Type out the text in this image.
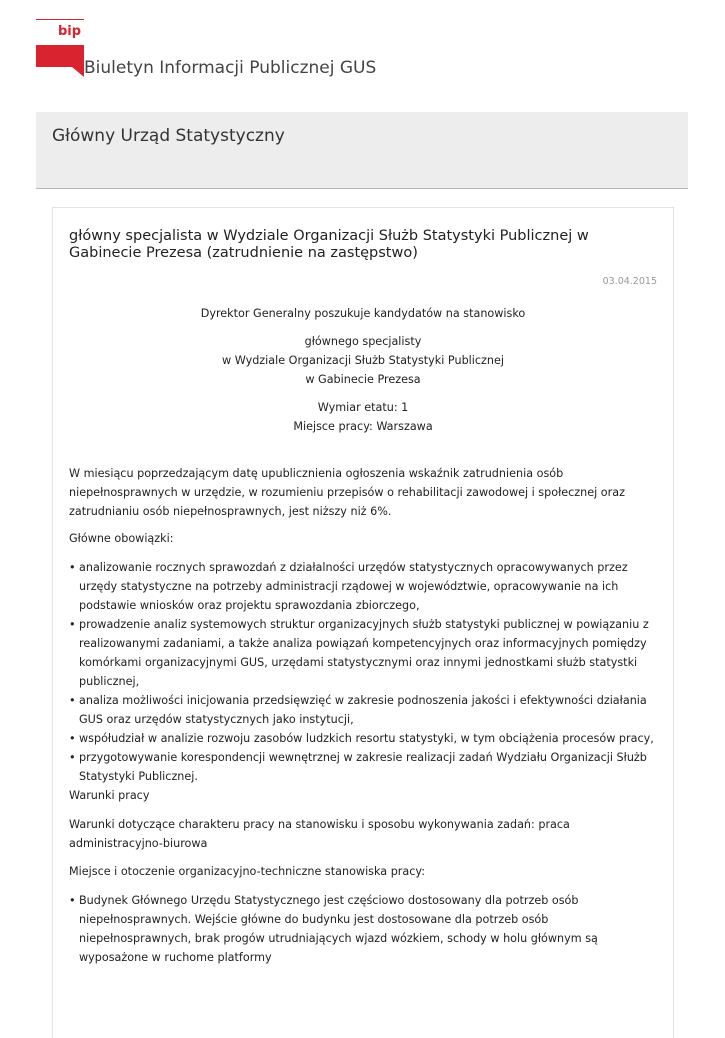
bip
Biuletyn Informacji Publicznej GUS
Główny Urząd Statystyczny
główny specjalista w Wydziale Organizacji Służb Statystyki Publicznej w Gabinecie Prezesa (zatrudnienie na zastępstwo)
03.04.2015
Dyrektor Generalny poszukuje kandydatów na stanowisko
głównego specjalisty
w Wydziale Organizacji Służb Statystyki Publicznej
w Gabinecie Prezesa
Wymiar etatu: 1
Miejsce pracy: Warszawa

W miesiącu poprzedzającym datę upublicznienia ogłoszenia wskaźnik zatrudnienia osób niepełnosprawnych w urzędzie, w rozumieniu przepisów o rehabilitacji zawodowej i społecznej oraz zatrudnianiu osób niepełnosprawnych, jest niższy niż 6%.

Główne obowiązki:

• analizowanie rocznych sprawozdań z działalności urzędów statystycznych opracowywanych przez urzędy statystyczne na potrzeby administracji rządowej w województwie, opracowywanie na ich podstawie wniosków oraz projektu sprawozdania zbiorczego,
• prowadzenie analiz systemowych struktur organizacyjnych służb statystyki publicznej w powiązaniu z realizowanymi zadaniami, a także analiza powiązań kompetencyjnych oraz informacyjnych pomiędzy komórkami organizacyjnymi GUS, urzędami statystycznymi oraz innymi jednostkami służb statystki publicznej,
• analiza możliwości inicjowania przedsięwzięć w zakresie podnoszenia jakości i efektywności działania GUS oraz urzędów statystycznych jako instytucji,
• współudział w analizie rozwoju zasobów ludzkich resortu statystyki, w tym obciążenia procesów pracy,
• przygotowywanie korespondencji wewnętrznej w zakresie realizacji zadań Wydziału Organizacji Służb Statystyki Publicznej.

Warunki pracy

Warunki dotyczące charakteru pracy na stanowisku i sposobu wykonywania zadań: praca administracyjno-biurowa

Miejsce i otoczenie organizacyjno-techniczne stanowiska pracy:

• Budynek Głównego Urzędu Statystycznego jest częściowo dostosowany dla potrzeb osób niepełnosprawnych. Wejście główne do budynku jest dostosowane dla potrzeb osób niepełnosprawnych, brak progów utrudniających wjazd wózkiem, schody w holu głównym są wyposażone w ruchome platformy
